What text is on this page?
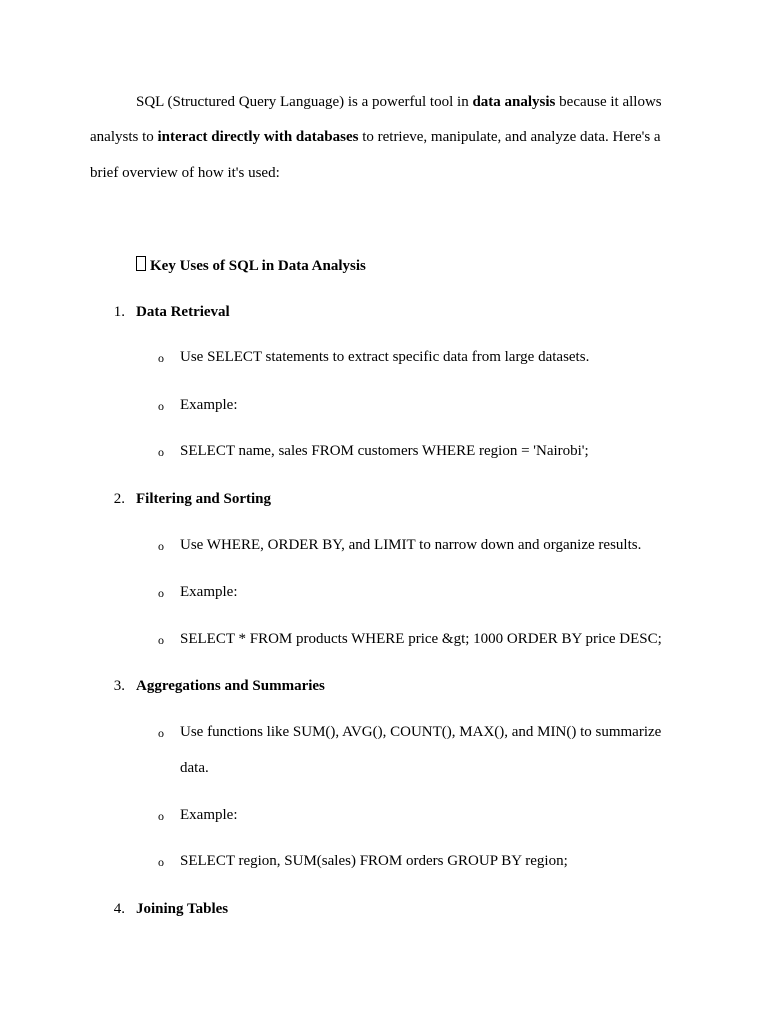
SQL (Structured Query Language) is a powerful tool in data analysis because it allows
analysts to interact directly with databases to retrieve, manipulate, and analyze data. Here's a
brief overview of how it's used:
Key Uses of SQL in Data Analysis
1. Data Retrieval
o Use SELECT statements to extract specific data from large datasets.
o Example:
o SELECT name, sales FROM customers WHERE region = 'Nairobi';
2. Filtering and Sorting
o Use WHERE, ORDER BY, and LIMIT to narrow down and organize results.
o Example:
o SELECT * FROM products WHERE price &gt; 1000 ORDER BY price DESC;
3. Aggregations and Summaries
o Use functions like SUM(), AVG(), COUNT(), MAX(), and MIN() to summarize
data.
o Example:
o SELECT region, SUM(sales) FROM orders GROUP BY region;
4. Joining Tables
